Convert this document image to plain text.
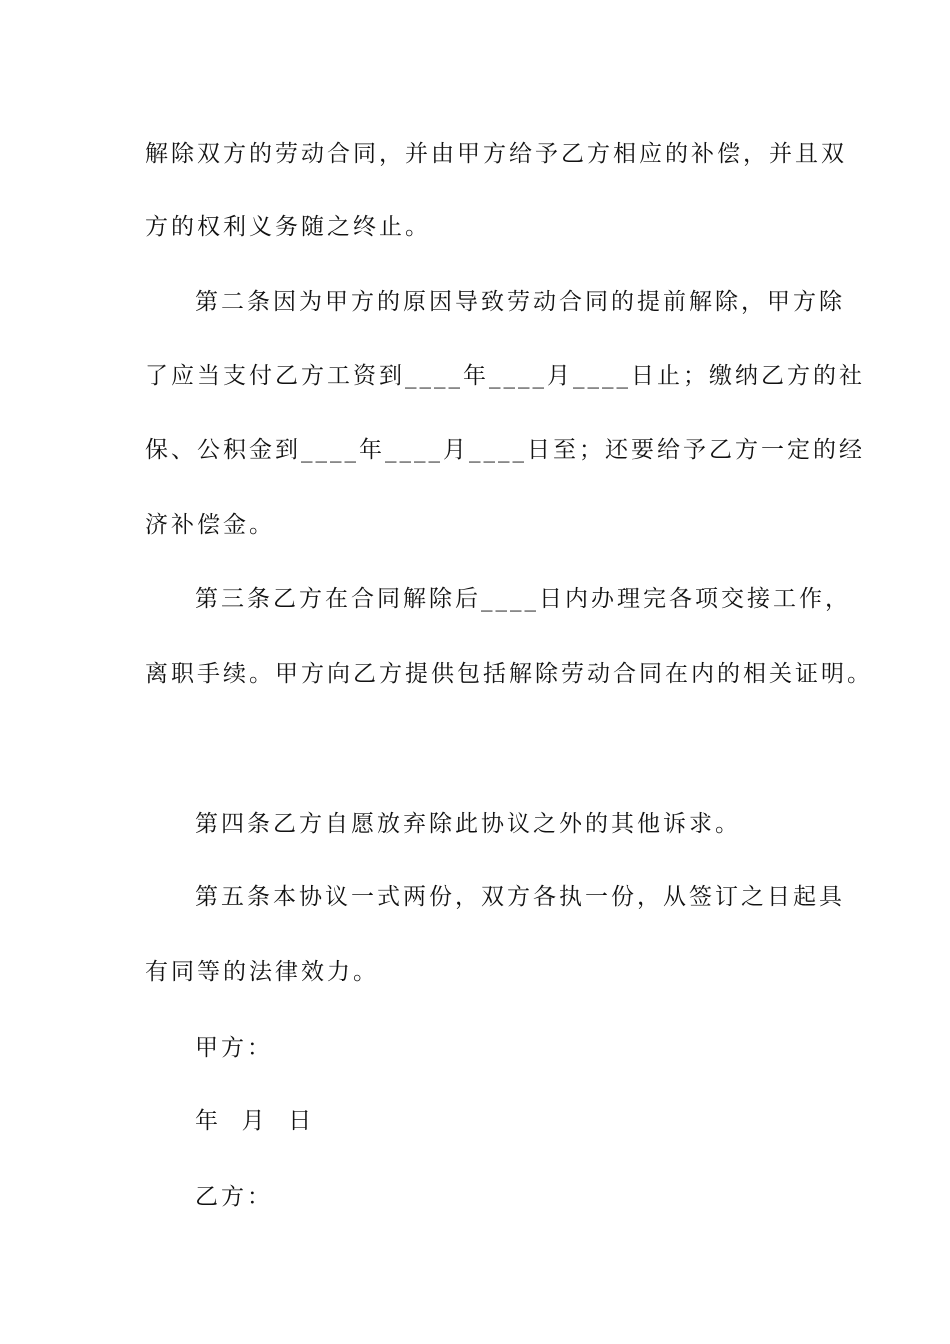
解除双方的劳动合同，并由甲方给予乙方相应的补偿，并且双
方的权利义务随之终止。
第二条因为甲方的原因导致劳动合同的提前解除，甲方除
了应当支付乙方工资到____年____月____日止；缴纳乙方的社
保、公积金到____年____月____日至；还要给予乙方一定的经
济补偿金。
第三条乙方在合同解除后____日内办理完各项交接工作，
离职手续。甲方向乙方提供包括解除劳动合同在内的相关证明。
第四条乙方自愿放弃除此协议之外的其他诉求。
第五条本协议一式两份，双方各执一份，从签订之日起具
有同等的法律效力。
甲方：
年  月  日
乙方：
